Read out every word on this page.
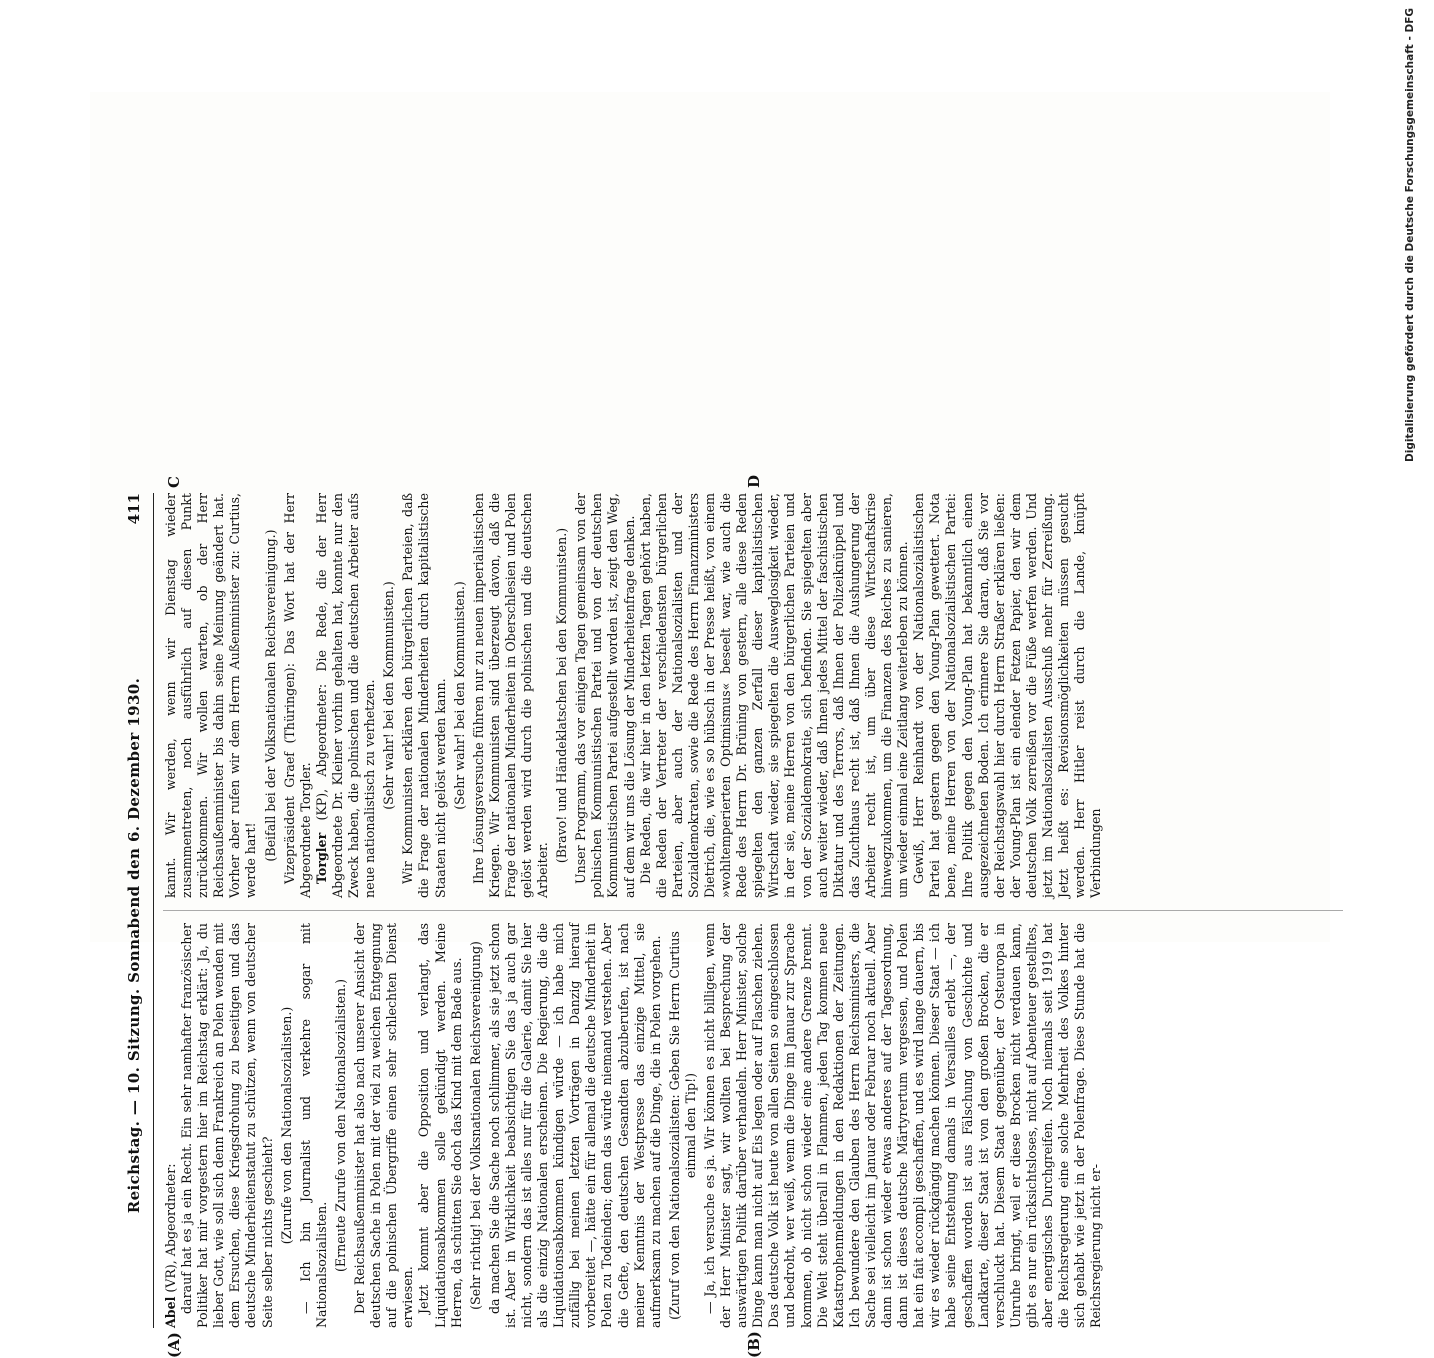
Reichstag. — 10. Sitzung. Sonnabend den 6. Dezember 1930.
411
(A)	(B)
C	D

Abel (VR), Abgeordneter: darauf hat es ja ein Recht. Ein sehr namhafter französischer Politiker hat mir vorgestern hier im Reichstag erklärt: Ja, du lieber Gott, wie soll sich denn Frankreich an Polen wenden mit dem Ersuchen, diese Kriegsdrohung zu beseitigen und das deutsche Minderheitenstatut zu schützen, wenn von deutscher Seite selber nichts geschieht? (Zurufe von den Nationalsozialisten.) — Ich bin Journalist und verkehre sogar mit Nationalsozialisten. (Erneute Zurufe von den Nationalsozialisten.) Der Reichsaußenminister hat also nach unserer Ansicht der deutschen Sache in Polen mit der viel zu weichen Entgegnung auf die polnischen Übergriffe einen sehr schlechten Dienst erwiesen. Jetzt kommt aber die Opposition und verlangt, das Liquidationsabkommen solle gekündigt werden. Meine Herren, da schütten Sie doch das Kind mit dem Bade aus. (Sehr richtig! bei der Volksnationalen Reichsvereinigung) da machen Sie die Sache noch schlimmer, als sie jetzt schon ist. Aber in Wirklichkeit beabsichtigen Sie das ja auch gar nicht, sondern das ist alles nur für die Galerie, damit Sie hier als die einzig Nationalen erscheinen. Die Regierung, die die Liquidationsabkommen kündigen würde — ich habe mich zufällig bei meinen letzten Vorträgen in Danzig hierauf vorbereitet —, hätte ein für allemal die deutsche Minderheit in Polen zu Todeinden; denn das würde niemand verstehen. Aber die Gefte, den deutschen Gesandten abzuberufen, ist nach meiner Kenntnis der Westpresse das einzige Mittel, sie aufmerksam zu machen auf die Dinge, die in Polen vorgehen. (Zuruf von den Nationalsozialisten: Geben Sie Herrn Curtius einmal den Tip!) — Ja, ich versuche es ja. Wir können es nicht billigen, wenn der Herr Minister sagt, wir wollten bei Besprechung der auswärtigen Politik darüber verhandeln. Herr Minister, solche Dinge kann man nicht auf Eis legen oder auf Flaschen ziehen. Das deutsche Volk ist heute von allen Seiten so eingeschlossen und bedroht, wer weiß, wenn die Dinge im Januar zur Sprache kommen, ob nicht schon wieder eine andere Grenze brennt. Die Welt steht überall in Flammen, jeden Tag kommen neue Katastrophenmeldungen in den Redaktionen der Zeitungen. Ich bewundere den Glauben des Herrn Reichsministers, die Sache sei vielleicht im Januar oder Februar noch aktuell. Aber dann ist schon wieder etwas anderes auf der Tagesordnung, dann ist dieses deutsche Märtyrertum vergessen, und Polen hat ein fait accompli geschaffen, und es wird lange dauern, bis wir es wieder rückgängig machen können. Dieser Staat — ich habe seine Entstehung damals in Versailles erlebt —, der geschaffen worden ist aus Fälschung von Geschichte und Landkarte, dieser Staat ist von den großen Brocken, die er verschluckt hat. Diesem Staat gegenüber, der Osteuropa in Unruhe bringt, weil er diese Brocken nicht verdauen kann, gibt es nur ein rücksichtsloses, nicht auf Abenteuer gestelltes, aber energisches Durchgreifen. Noch niemals seit 1919 hat die Reichsregierung eine solche Mehrheit des Volkes hinter sich gehabt wie jetzt in der Polenfrage. Diese Stunde hat die Reichsregierung nicht er-

kannt. Wir werden, wenn wir Dienstag wieder zusammentreten, noch ausführlich auf diesen Punkt zurückkommen. Wir wollen warten, ob der Herr Reichsaußenminister bis dahin seine Meinung geändert hat. Vorher aber rufen wir dem Herrn Außenminister zu: Curtius, werde hart! (Beifall bei der Volksnationalen Reichsvereinigung.) Vizepräsident Graef (Thüringen): Das Wort hat der Herr Abgeordnete Torgler. Torgler (KP), Abgeordneter: Die Rede, die der Herr Abgeordnete Dr. Kleiner vorhin gehalten hat, konnte nur den Zweck haben, die polnischen und die deutschen Arbeiter aufs neue nationalistisch zu verhetzen. (Sehr wahr! bei den Kommunisten.) Wir Kommunisten erklären den bürgerlichen Parteien, daß die Frage der nationalen Minderheiten durch kapitalistische Staaten nicht gelöst werden kann. (Sehr wahr! bei den Kommunisten.) Ihre Lösungsversuche führen nur zu neuen imperialistischen Kriegen. Wir Kommunisten sind überzeugt davon, daß die Frage der nationalen Minderheiten in Oberschlesien und Polen gelöst werden wird durch die polnischen und die deutschen Arbeiter.

(Bravo! und Händeklatschen bei den Kommunisten.) Unser Programm, das vor einigen Tagen gemeinsam von der polnischen Kommunistischen Partei und von der deutschen Kommunistischen Partei aufgestellt worden ist, zeigt den Weg, auf dem wir uns die Lösung der Minderheitenfrage denken. Die Reden, die wir hier in den letzten Tagen gehört haben, die Reden der Vertreter der verschiedensten bürgerlichen Parteien, aber auch der Nationalsozialisten und der Sozialdemokraten, sowie die Rede des Herrn Finanzministers Dietrich, die, wie es so hübsch in der Presse heißt, von einem »wohltemperierten Optimismus« beseelt war, wie auch die Rede des Herrn Dr. Brüning von gestern, alle diese Reden spiegelten den ganzen Zerfall dieser kapitalistischen Wirtschaft wieder, sie spiegelten die Ausweglosigkeit wieder, in der sie, meine Herren von den bürgerlichen Parteien und von der Sozialdemokratie, sich befinden. Sie spiegelten aber auch weiter wieder, daß Ihnen jedes Mittel der faschistischen Diktatur und des Terrors, daß Ihnen der Polizeiknüppel und das Zuchthaus recht ist, daß Ihnen die Aushungerung der Arbeiter recht ist, um über diese Wirtschaftskrise hinwegzukommen, um die Finanzen des Reiches zu sanieren, um wieder einmal eine Zeitlang weiterleben zu können. Gewiß, Herr Reinhardt von der Nationalsozialistischen Partei hat gestern gegen den Young-Plan gewettert. Nota bene, meine Herren von der Nationalsozialistischen Partei: Ihre Politik gegen den Young-Plan hat bekanntlich einen ausgezeichneten Boden. Ich erinnere Sie daran, daß Sie vor der Reichstagswahl hier durch Herrn Straßer erklären ließen: der Young-Plan ist ein elender Fetzen Papier, den wir dem deutschen Volk zerreißen vor die Füße werfen werden. Und jetzt im Nationalsozialisten Ausschuß mehr für Zerreißung. Jetzt heißt es: Revisionsmöglichkeiten müssen gesucht werden. Herr Hitler reist durch die Lande, knüpft Verbindungen

Digitalisierung gefördert durch die Deutsche Forschungsgemeinschaft - DFG
